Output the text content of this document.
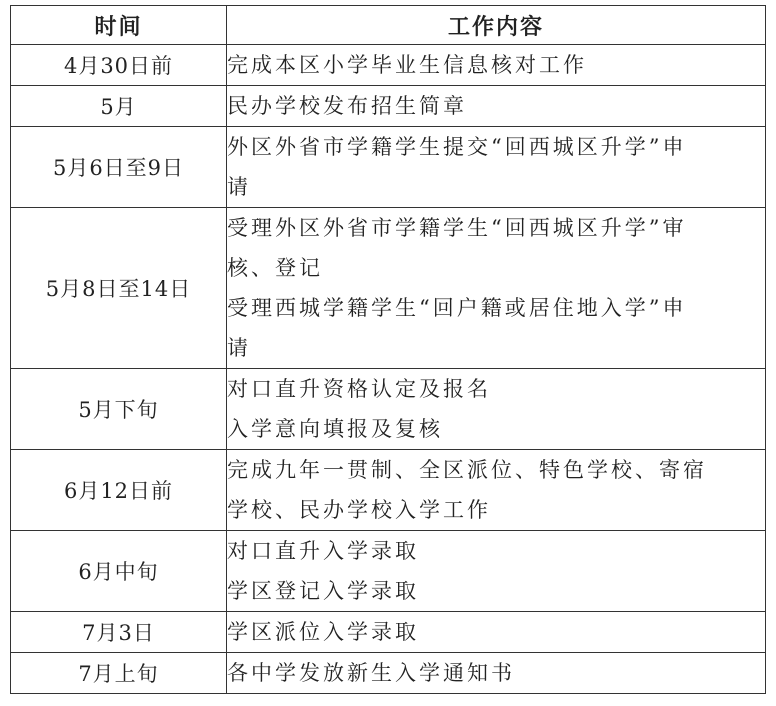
时间	工作内容
4月30日前	完成本区小学毕业生信息核对工作

5月	民办学校发布招生简章

5月6日至9日	外区外省市学籍学生提交“回西城区升学”申
请

5月8日至14日	受理外区外省市学籍学生“回西城区升学”审
核、登记
受理西城学籍学生“回户籍或居住地入学”申
请

5月下旬	对口直升资格认定及报名
入学意向填报及复核

6月12日前	完成九年一贯制、全区派位、特色学校、寄宿
学校、民办学校入学工作

6月中旬	对口直升入学录取
学区登记入学录取

7月3日	学区派位入学录取

7月上旬	各中学发放新生入学通知书
